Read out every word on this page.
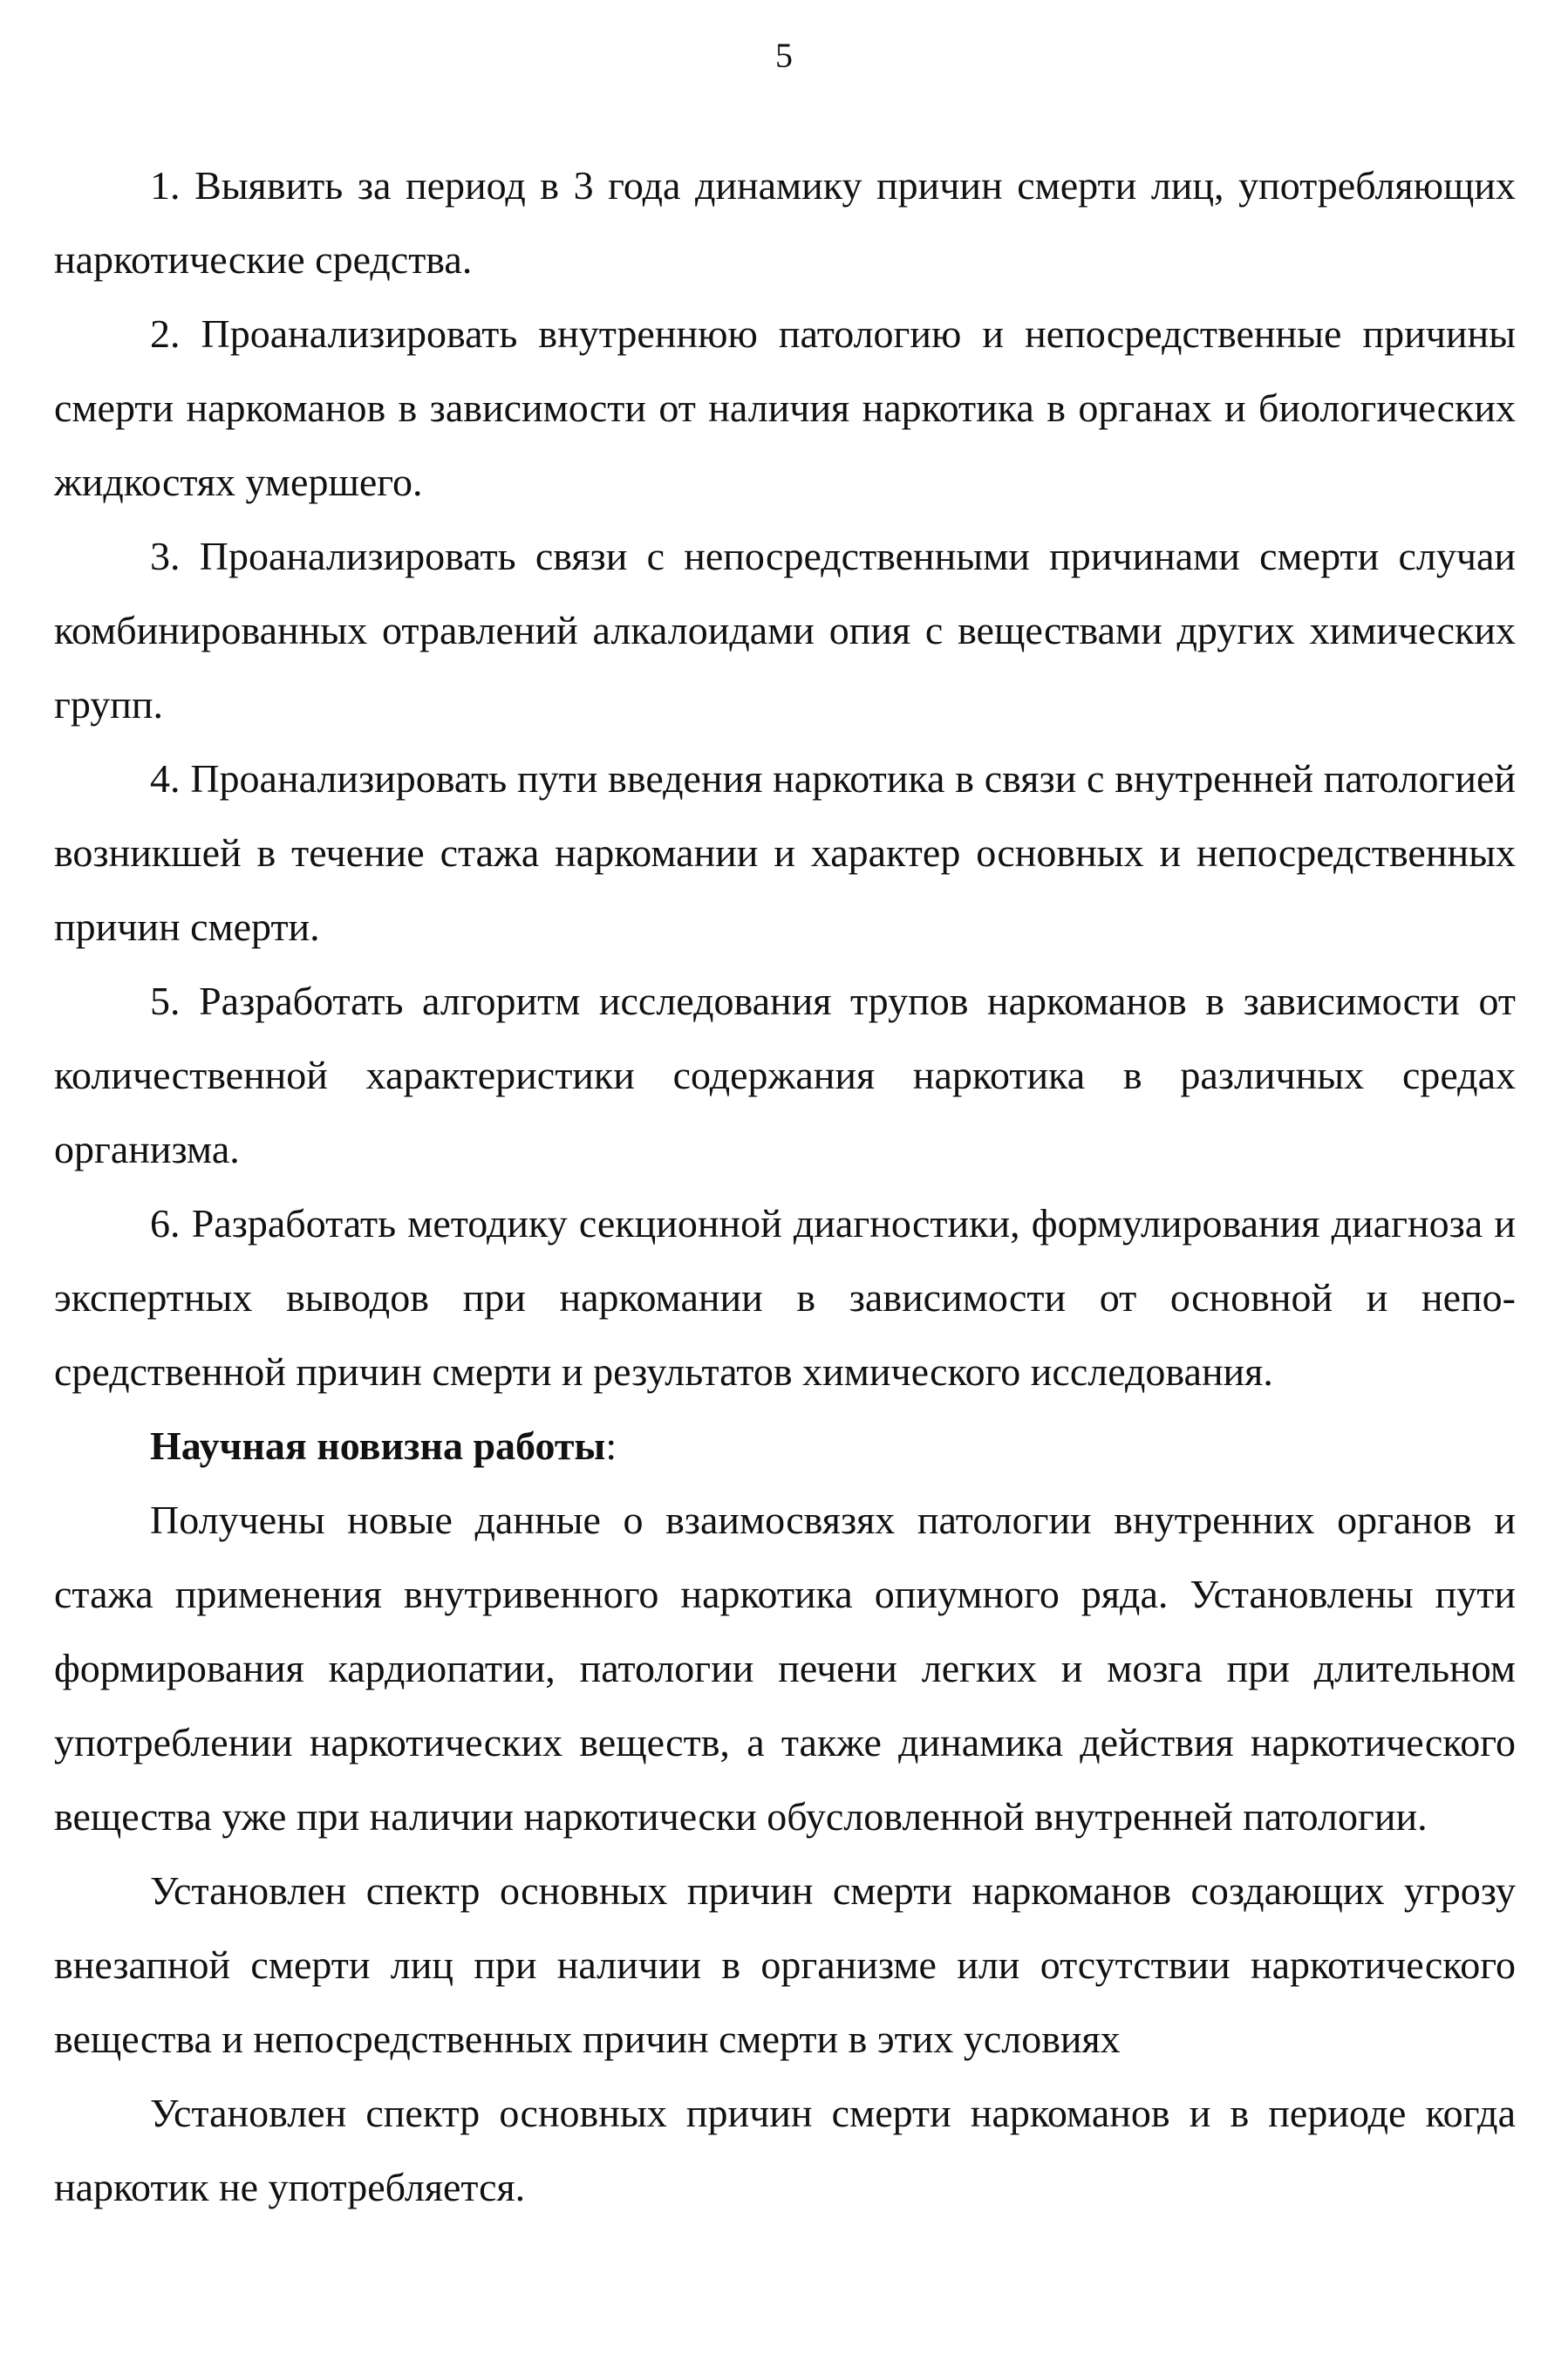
5

1. Выявить за период в 3 года динамику причин смерти лиц, употребляющих наркотические средства.

2. Проанализировать внутреннюю патологию и непосредственные причины смерти наркоманов в зависимости от наличия наркотика в органах и биологических жидкостях умершего.

3. Проанализировать связи с непосредственными причинами смерти случаи комбинированных отравлений алкалоидами опия с веществами других химических групп.

4. Проанализировать пути введения наркотика в связи с внутренней патологией возникшей в течение стажа наркомании и характер основных и непосредственных причин смерти.

5. Разработать алгоритм исследования трупов наркоманов в зависимости от количественной характеристики содержания наркотика в различных средах организма.

6. Разработать методику секционной диагностики, формулирования диагноза и экспертных выводов при наркомании в зависимости от основной и непосредственной причин смерти и результатов химического исследования.

Научная новизна работы:

Получены новые данные о взаимосвязях патологии внутренних органов и стажа применения внутривенного наркотика опиумного ряда. Установлены пути формирования кардиопатии, патологии печени легких и мозга при длительном употреблении наркотических веществ, а также динамика действия наркотического вещества уже при наличии наркотически обусловленной внутренней патологии.

Установлен спектр основных причин смерти наркоманов создающих угрозу внезапной смерти лиц при наличии в организме или отсутствии наркотического вещества и непосредственных причин смерти в этих условиях

Установлен спектр основных причин смерти наркоманов и в периоде когда наркотик не употребляется.
